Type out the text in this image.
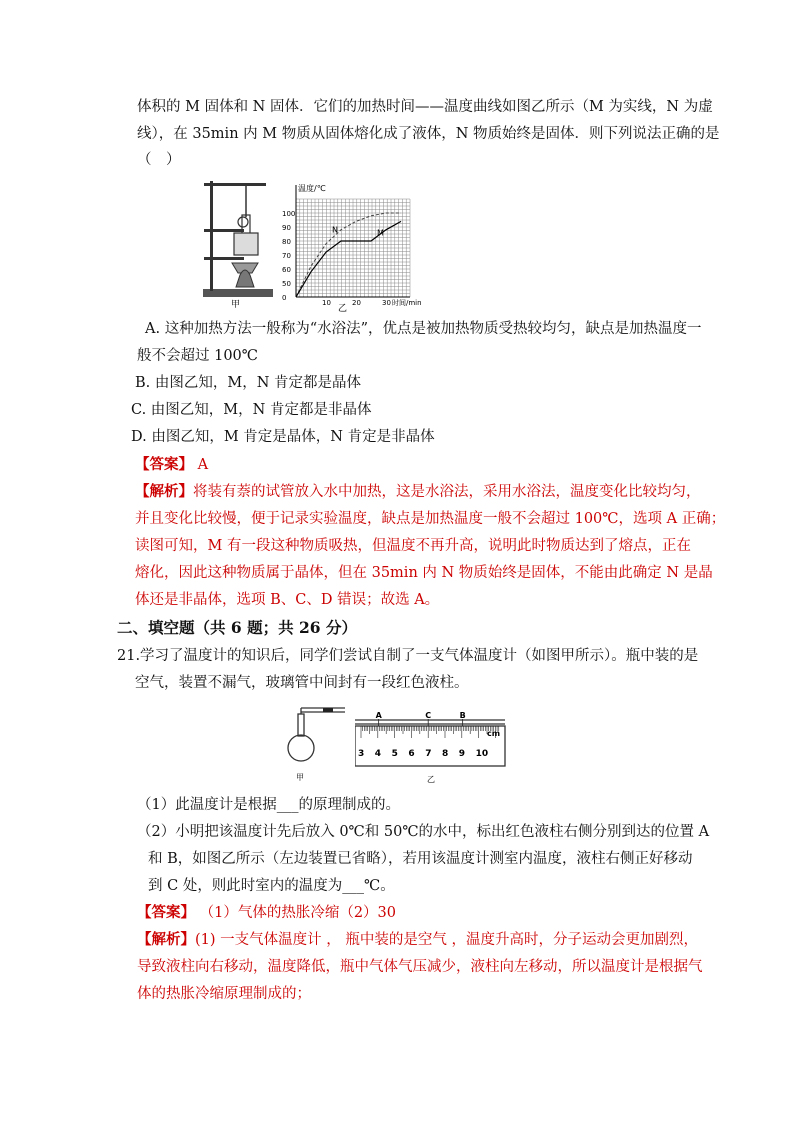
体积的 M 固体和 N 固体．它们的加热时间——温度曲线如图乙所示（M 为实线，N 为虚
线），在 35min 内 M 物质从固体熔化成了液体，N 物质始终是固体．则下列说法正确的是
（　）
甲
温度/℃
时间/min
乙
100
90
80
70
60
50
0
10	20	30
N	M
A. 这种加热方法一般称为“水浴法”，优点是被加热物质受热较均匀，缺点是加热温度一
般不会超过 100℃
B. 由图乙知，M，N 肯定都是晶体
C. 由图乙知，M，N 肯定都是非晶体
D. 由图乙知，M 肯定是晶体，N 肯定是非晶体
【答案】 A
【解析】将装有萘的试管放入水中加热，这是水浴法，采用水浴法，温度变化比较均匀，
并且变化比较慢，便于记录实验温度，缺点是加热温度一般不会超过 100℃，选项 A 正确；
读图可知，M 有一段这种物质吸热，但温度不再升高，说明此时物质达到了熔点，正在
熔化，因此这种物质属于晶体，但在 35min 内 N 物质始终是固体，不能由此确定 N 是晶
体还是非晶体，选项 B、C、D 错误；故选 A。
二、填空题（共 6 题；共 26 分）
21.学习了温度计的知识后，同学们尝试自制了一支气体温度计（如图甲所示）。瓶中装的是
空气，装置不漏气，玻璃管中间封有一段红色液柱。
甲
3 4 5 6 7 8 9 10
A	C	B
cm
乙
（1）此温度计是根据___的原理制成的。
（2）小明把该温度计先后放入 0℃和 50℃的水中，标出红色液柱右侧分别到达的位置 A
和 B，如图乙所示（左边装置已省略），若用该温度计测室内温度，液柱右侧正好移动
到 C 处，则此时室内的温度为___℃。
【答案】 （1）气体的热胀冷缩（2）30
【解析】(1) 一支气体温度计 ， 瓶中装的是空气 ，温度升高时，分子运动会更加剧烈，
导致液柱向右移动，温度降低，瓶中气体气压减少，液柱向左移动，所以温度计是根据气
体的热胀冷缩原理制成的；
